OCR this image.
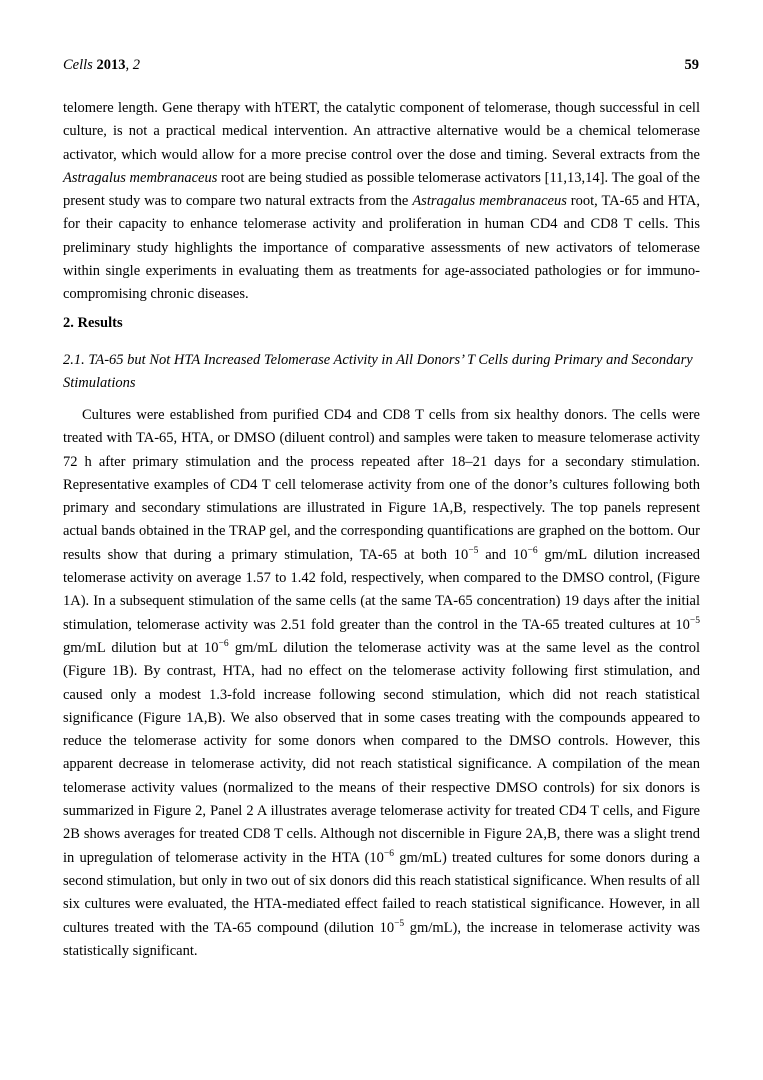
Cells 2013, 2	59
telomere length. Gene therapy with hTERT, the catalytic component of telomerase, though successful in cell culture, is not a practical medical intervention. An attractive alternative would be a chemical telomerase activator, which would allow for a more precise control over the dose and timing. Several extracts from the Astragalus membranaceus root are being studied as possible telomerase activators [11,13,14]. The goal of the present study was to compare two natural extracts from the Astragalus membranaceus root, TA-65 and HTA, for their capacity to enhance telomerase activity and proliferation in human CD4 and CD8 T cells. This preliminary study highlights the importance of comparative assessments of new activators of telomerase within single experiments in evaluating them as treatments for age-associated pathologies or for immuno-compromising chronic diseases.
2. Results
2.1. TA-65 but Not HTA Increased Telomerase Activity in All Donors’ T Cells during Primary and Secondary Stimulations
Cultures were established from purified CD4 and CD8 T cells from six healthy donors. The cells were treated with TA-65, HTA, or DMSO (diluent control) and samples were taken to measure telomerase activity 72 h after primary stimulation and the process repeated after 18–21 days for a secondary stimulation. Representative examples of CD4 T cell telomerase activity from one of the donor’s cultures following both primary and secondary stimulations are illustrated in Figure 1A,B, respectively. The top panels represent actual bands obtained in the TRAP gel, and the corresponding quantifications are graphed on the bottom. Our results show that during a primary stimulation, TA-65 at both $10^{-5}$ and $10^{-6}$ gm/mL dilution increased telomerase activity on average 1.57 to 1.42 fold, respectively, when compared to the DMSO control, (Figure 1A). In a subsequent stimulation of the same cells (at the same TA-65 concentration) 19 days after the initial stimulation, telomerase activity was 2.51 fold greater than the control in the TA-65 treated cultures at $10^{-5}$ gm/mL dilution but at $10^{-6}$ gm/mL dilution the telomerase activity was at the same level as the control (Figure 1B). By contrast, HTA, had no effect on the telomerase activity following first stimulation, and caused only a modest 1.3-fold increase following second stimulation, which did not reach statistical significance (Figure 1A,B). We also observed that in some cases treating with the compounds appeared to reduce the telomerase activity for some donors when compared to the DMSO controls. However, this apparent decrease in telomerase activity, did not reach statistical significance. A compilation of the mean telomerase activity values (normalized to the means of their respective DMSO controls) for six donors is summarized in Figure 2, Panel 2 A illustrates average telomerase activity for treated CD4 T cells, and Figure 2B shows averages for treated CD8 T cells. Although not discernible in Figure 2A,B, there was a slight trend in upregulation of telomerase activity in the HTA ($10^{-6}$ gm/mL) treated cultures for some donors during a second stimulation, but only in two out of six donors did this reach statistical significance. When results of all six cultures were evaluated, the HTA-mediated effect failed to reach statistical significance. However, in all cultures treated with the TA-65 compound (dilution $10^{-5}$ gm/mL), the increase in telomerase activity was statistically significant.
